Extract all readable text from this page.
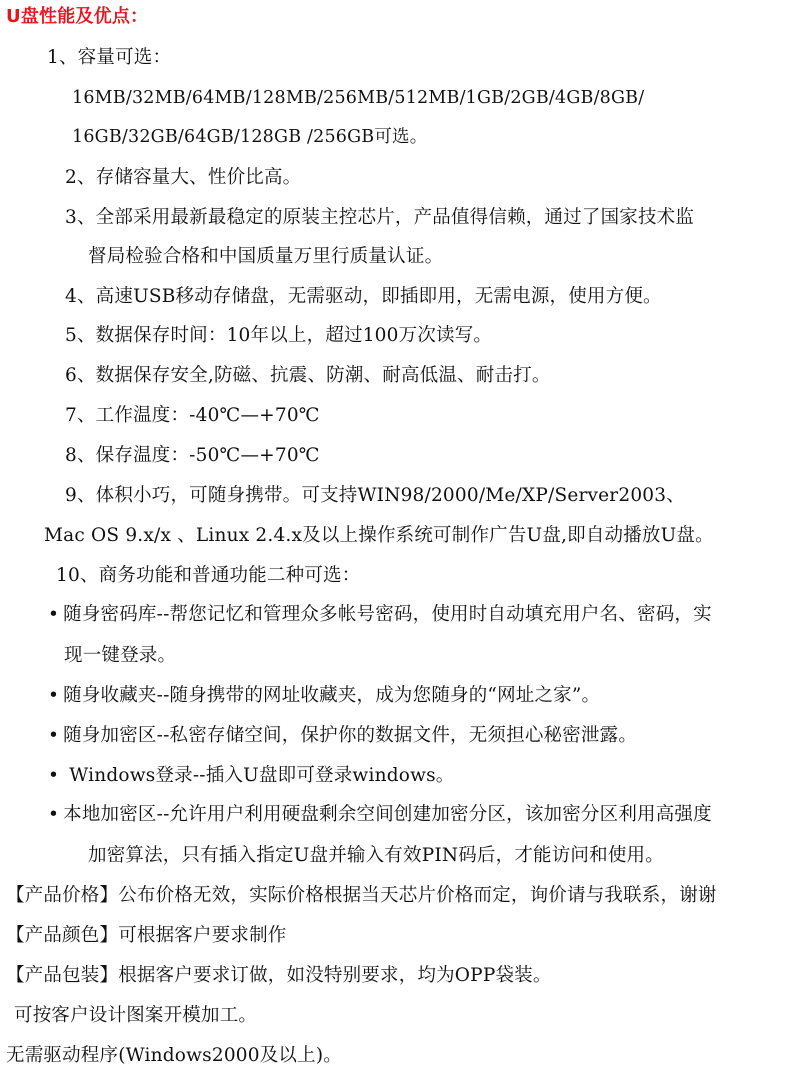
U盘性能及优点：
1、容量可选：
16MB/32MB/64MB/128MB/256MB/512MB/1GB/2GB/4GB/8GB/
16GB/32GB/64GB/128GB /256GB可选。
2、存储容量大、性价比高。
3、全部采用最新最稳定的原装主控芯片，产品值得信赖，通过了国家技术监
督局检验合格和中国质量万里行质量认证。
4、高速USB移动存储盘，无需驱动，即插即用，无需电源，使用方便。
5、数据保存时间：10年以上，超过100万次读写。
6、数据保存安全,防磁、抗震、防潮、耐高低温、耐击打。
7、工作温度：-40℃—+70℃
8、保存温度：-50℃—+70℃
9、体积小巧，可随身携带。可支持WIN98/2000/Me/XP/Server2003、
Mac OS 9.x/x 、Linux 2.4.x及以上操作系统可制作广告U盘,即自动播放U盘。
10、商务功能和普通功能二种可选：
• 随身密码库--帮您记忆和管理众多帐号密码，使用时自动填充用户名、密码，实
现一键登录。
• 随身收藏夹--随身携带的网址收藏夹，成为您随身的“网址之家”。
• 随身加密区--私密存储空间，保护你的数据文件，无须担心秘密泄露。
• Windows登录--插入U盘即可登录windows。
• 本地加密区--允许用户利用硬盘剩余空间创建加密分区，该加密分区利用高强度
加密算法，只有插入指定U盘并输入有效PIN码后，才能访问和使用。
【产品价格】公布价格无效，实际价格根据当天芯片价格而定，询价请与我联系，谢谢
【产品颜色】可根据客户要求制作
【产品包装】根据客户要求订做，如没特别要求，均为OPP袋装。
可按客户设计图案开模加工。
无需驱动程序(Windows2000及以上)。
